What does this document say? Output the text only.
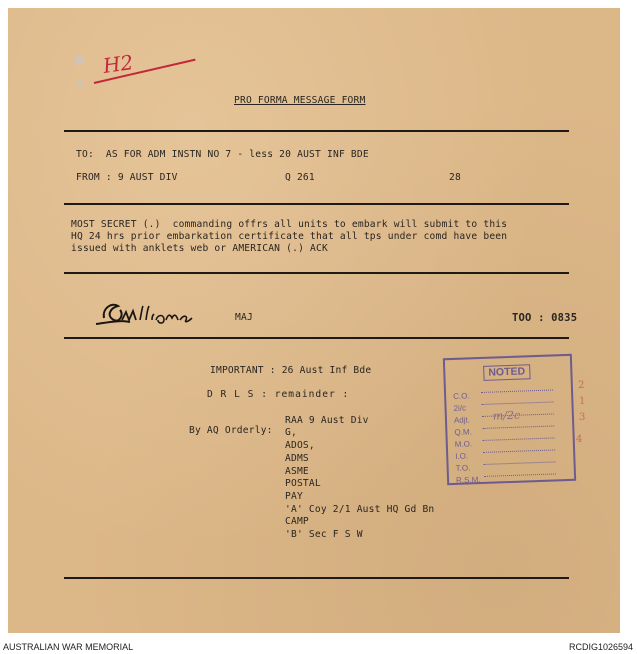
H2
PRO FORMA MESSAGE FORM
TO:  AS FOR ADM INSTN NO 7 - less 20 AUST INF BDE
FROM : 9 AUST DIV	Q 261	28
MOST SECRET (.)  commanding offrs all units to embark will submit to this
HQ 24 hrs prior embarkation certificate that all tps under comd have been
issued with anklets web or AMERICAN (.) ACK
MAJ	TOO : 0835
IMPORTANT : 26 Aust Inf Bde
D R L S : remainder :
By AQ Orderly:
RAA 9 Aust Div
G,
ADOS,
ADMS
ASME
POSTAL
PAY
'A' Coy 2/1 Aust HQ Gd Bn
CAMP
'B' Sec F S W
NOTED
C.O.
2i/c
Adjt.
Q.M.
M.O.
I.O.
T.O.
R.S.M.
m/2c
2
1
3
4
AUSTRALIAN WAR MEMORIAL	RCDIG1026594
